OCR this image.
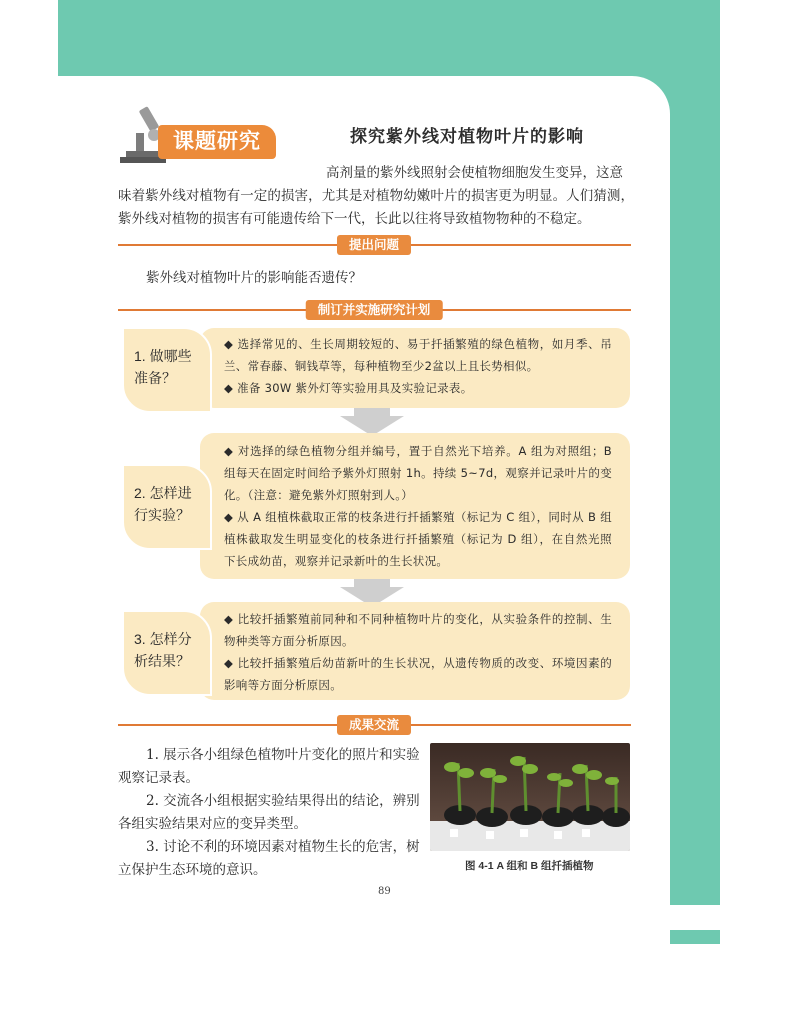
课题研究	探究紫外线对植物叶片的影响
高剂量的紫外线照射会使植物细胞发生变异，这意
味着紫外线对植物有一定的损害，尤其是对植物幼嫩叶片的损害更为明显。人们猜测，紫外线对植物的损害有可能遗传给下一代，长此以往将导致植物物种的不稳定。
提出问题
紫外线对植物叶片的影响能否遗传？
制订并实施研究计划
◆ 选择常见的、生长周期较短的、易于扦插繁殖的绿色植物，如月季、吊兰、常春藤、铜钱草等，每种植物至少2盆以上且长势相似。
◆ 准备 30W 紫外灯等实验用具及实验记录表。
1. 做哪些准备？
◆ 对选择的绿色植物分组并编号，置于自然光下培养。A 组为对照组；B 组每天在固定时间给予紫外灯照射 1h。持续 5~7d，观察并记录叶片的变化。（注意：避免紫外灯照射到人。）
◆ 从 A 组植株截取正常的枝条进行扦插繁殖（标记为 C 组），同时从 B 组植株截取发生明显变化的枝条进行扦插繁殖（标记为 D 组），在自然光照下长成幼苗，观察并记录新叶的生长状况。
2. 怎样进行实验？
◆ 比较扦插繁殖前同种和不同种植物叶片的变化，从实验条件的控制、生物种类等方面分析原因。
◆ 比较扦插繁殖后幼苗新叶的生长状况，从遗传物质的改变、环境因素的影响等方面分析原因。
3. 怎样分析结果？
成果交流

1. 展示各小组绿色植物叶片变化的照片和实验观察记录表。

2. 交流各小组根据实验结果得出的结论，辨别各组实验结果对应的变异类型。

3. 讨论不利的环境因素对植物生长的危害，树立保护生态环境的意识。	图 4-1 A 组和 B 组扦插植物
89
